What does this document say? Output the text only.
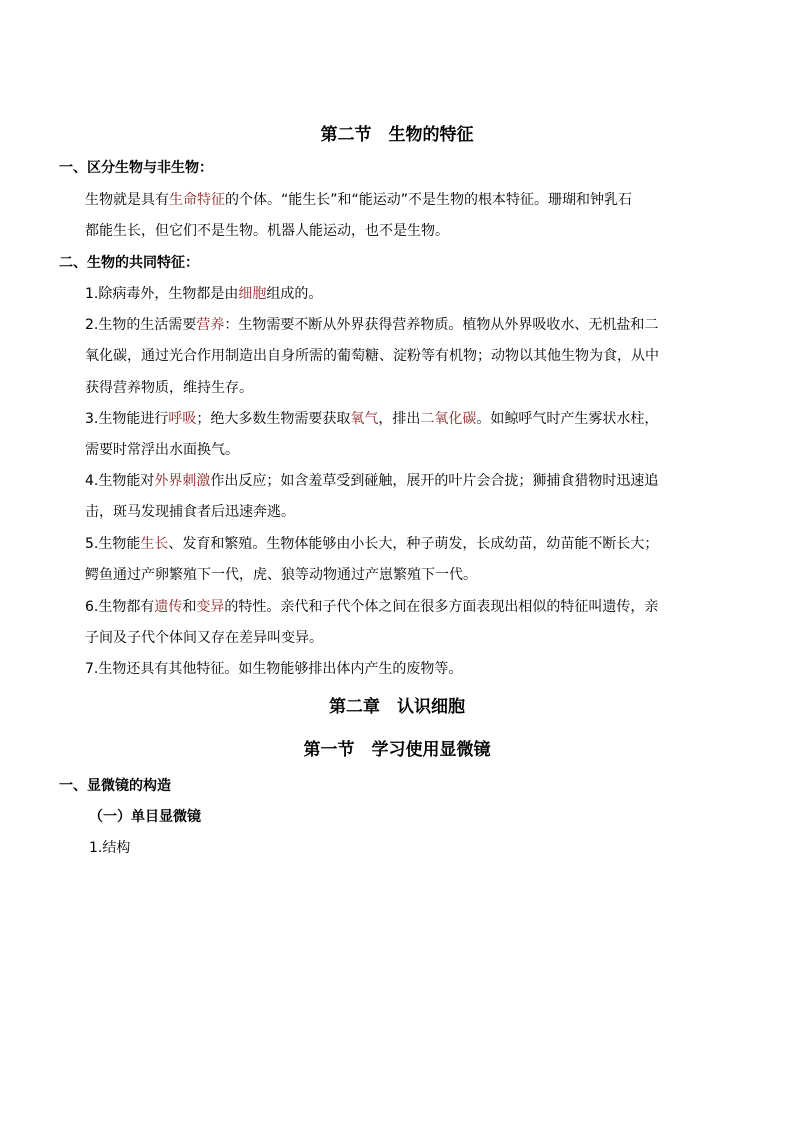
第二节　生物的特征
一、区分生物与非生物：
生物就是具有生命特征的个体。“能生长”和“能运动”不是生物的根本特征。珊瑚和钟乳石
都能生长，但它们不是生物。机器人能运动，也不是生物。
二、生物的共同特征：
1.除病毒外，生物都是由细胞组成的。
2.生物的生活需要营养：生物需要不断从外界获得营养物质。植物从外界吸收水、无机盐和二
氧化碳，通过光合作用制造出自身所需的葡萄糖、淀粉等有机物；动物以其他生物为食，从中
获得营养物质，维持生存。
3.生物能进行呼吸；绝大多数生物需要获取氧气，排出二氧化碳。如鲸呼气时产生雾状水柱，
需要时常浮出水面换气。
4.生物能对外界刺激作出反应；如含羞草受到碰触，展开的叶片会合拢；狮捕食猎物时迅速追
击，斑马发现捕食者后迅速奔逃。
5.生物能生长、发育和繁殖。生物体能够由小长大，种子萌发，长成幼苗，幼苗能不断长大；
鳄鱼通过产卵繁殖下一代，虎、狼等动物通过产崽繁殖下一代。
6.生物都有遗传和变异的特性。亲代和子代个体之间在很多方面表现出相似的特征叫遗传，亲
子间及子代个体间又存在差异叫变异。
7.生物还具有其他特征。如生物能够排出体内产生的废物等。
第二章　认识细胞
第一节　学习使用显微镜
一、显微镜的构造
（一）单目显微镜
1.结构
